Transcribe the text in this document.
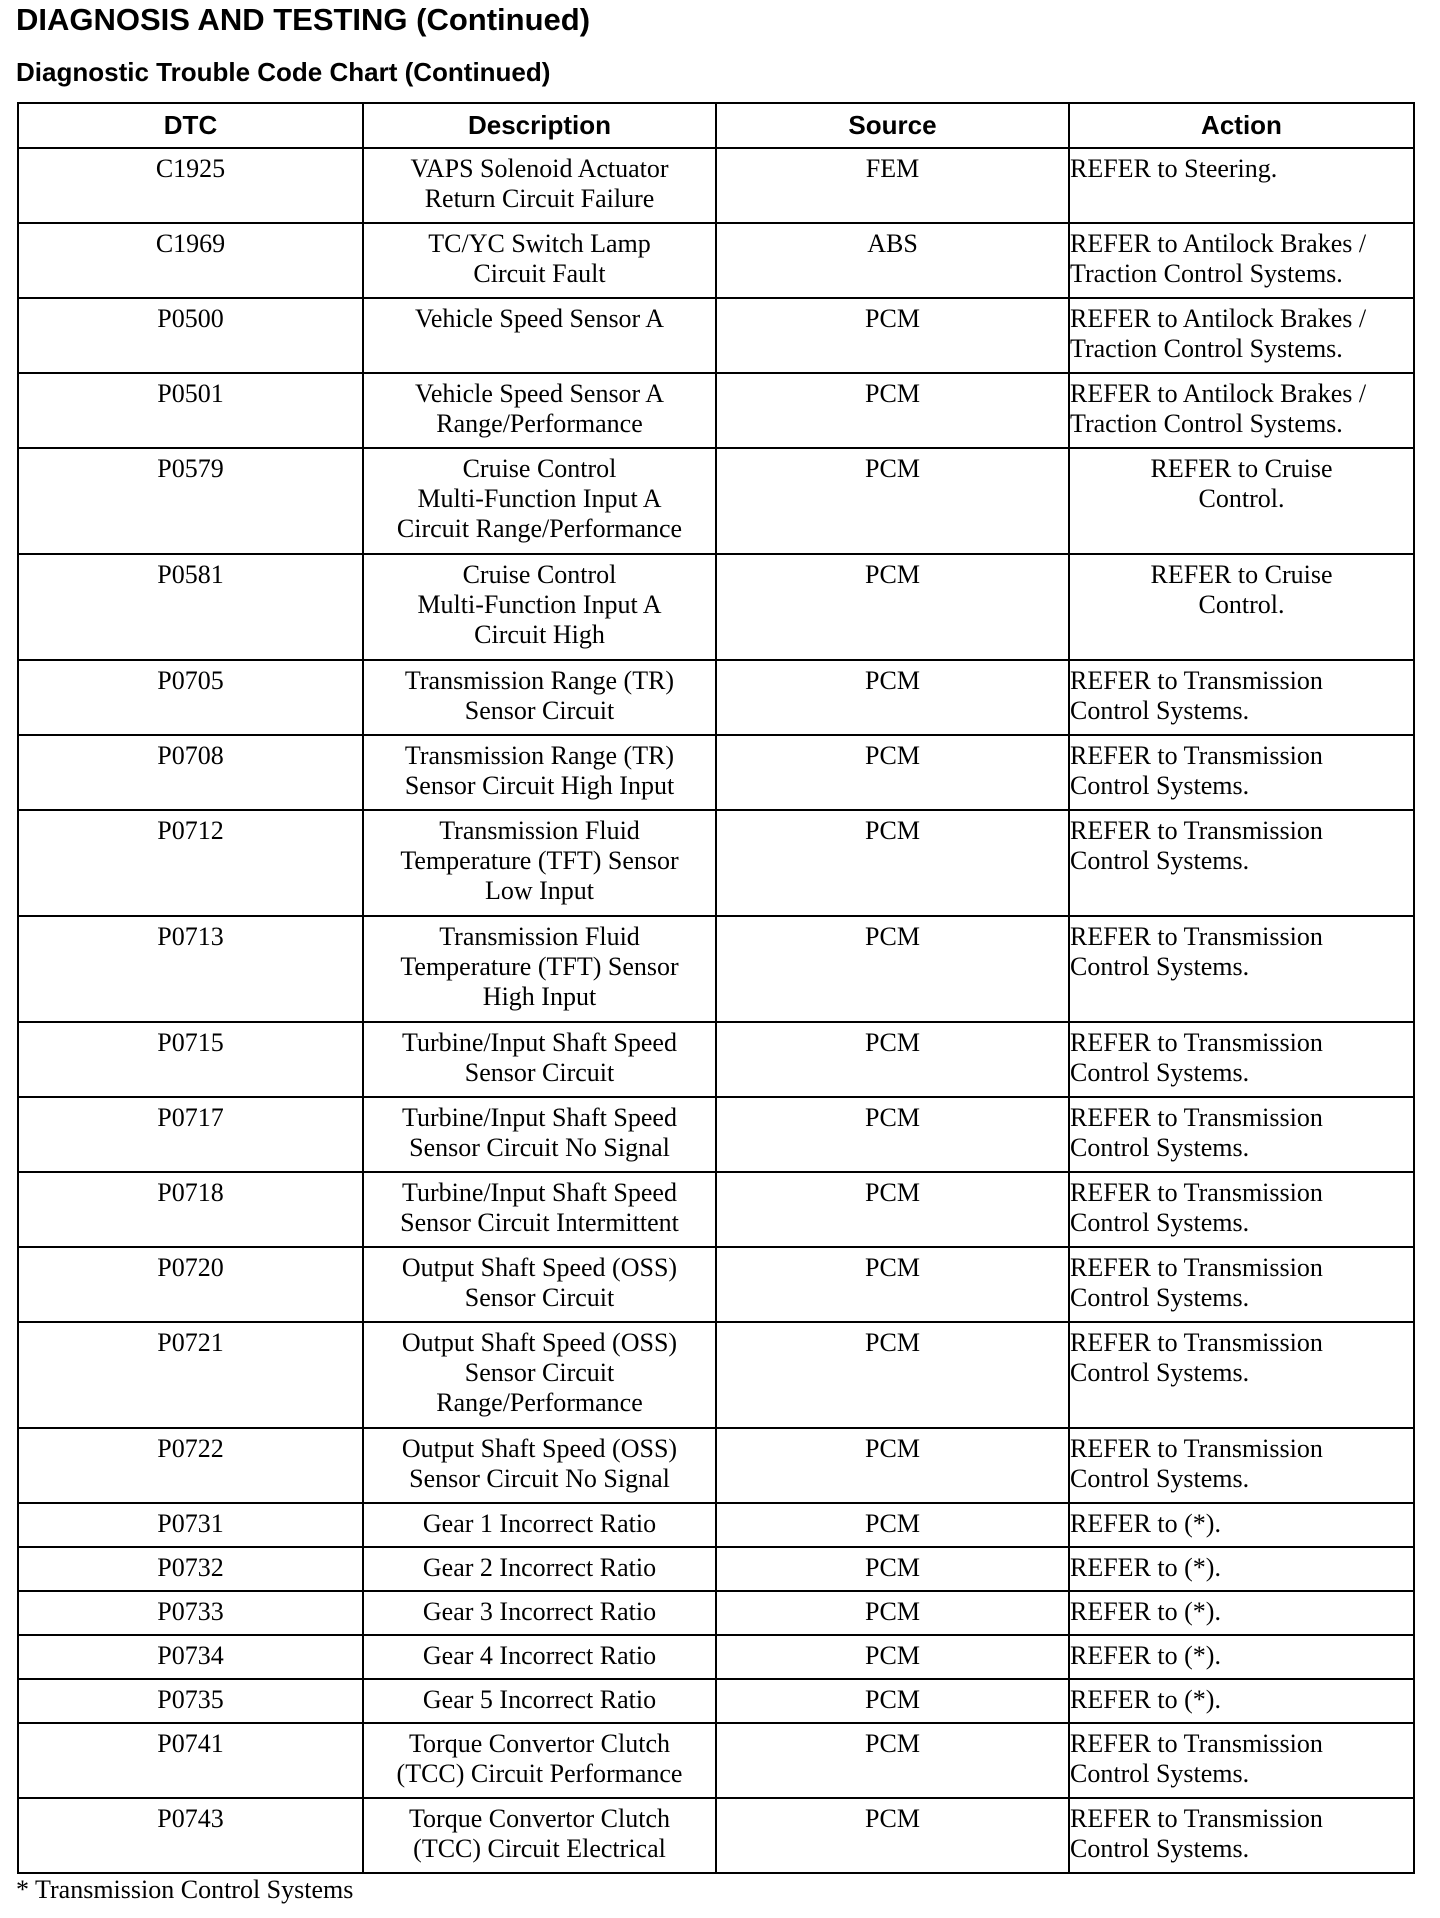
DIAGNOSIS AND TESTING (Continued)
Diagnostic Trouble Code Chart (Continued)
DTC	Description	Source	Action
C1925	VAPS Solenoid Actuator
Return Circuit Failure	FEM	REFER to Steering.

C1969	TC/YC Switch Lamp
Circuit Fault	ABS	REFER to Antilock Brakes /
Traction Control Systems.

P0500	Vehicle Speed Sensor A	PCM	REFER to Antilock Brakes /
Traction Control Systems.

P0501	Vehicle Speed Sensor A
Range/Performance	PCM	REFER to Antilock Brakes /
Traction Control Systems.

P0579	Cruise Control
Multi-Function Input A
Circuit Range/Performance	PCM	REFER to Cruise
Control.

P0581	Cruise Control
Multi-Function Input A
Circuit High	PCM	REFER to Cruise
Control.

P0705	Transmission Range (TR)
Sensor Circuit	PCM	REFER to Transmission
Control Systems.

P0708	Transmission Range (TR)
Sensor Circuit High Input	PCM	REFER to Transmission
Control Systems.

P0712	Transmission Fluid
Temperature (TFT) Sensor
Low Input	PCM	REFER to Transmission
Control Systems.

P0713	Transmission Fluid
Temperature (TFT) Sensor
High Input	PCM	REFER to Transmission
Control Systems.

P0715	Turbine/Input Shaft Speed
Sensor Circuit	PCM	REFER to Transmission
Control Systems.

P0717	Turbine/Input Shaft Speed
Sensor Circuit No Signal	PCM	REFER to Transmission
Control Systems.

P0718	Turbine/Input Shaft Speed
Sensor Circuit Intermittent	PCM	REFER to Transmission
Control Systems.

P0720	Output Shaft Speed (OSS)
Sensor Circuit	PCM	REFER to Transmission
Control Systems.

P0721	Output Shaft Speed (OSS)
Sensor Circuit
Range/Performance	PCM	REFER to Transmission
Control Systems.

P0722	Output Shaft Speed (OSS)
Sensor Circuit No Signal	PCM	REFER to Transmission
Control Systems.

P0731	Gear 1 Incorrect Ratio	PCM	REFER to (*).

P0732	Gear 2 Incorrect Ratio	PCM	REFER to (*).

P0733	Gear 3 Incorrect Ratio	PCM	REFER to (*).

P0734	Gear 4 Incorrect Ratio	PCM	REFER to (*).

P0735	Gear 5 Incorrect Ratio	PCM	REFER to (*).

P0741	Torque Convertor Clutch
(TCC) Circuit Performance	PCM	REFER to Transmission
Control Systems.

P0743	Torque Convertor Clutch
(TCC) Circuit Electrical	PCM	REFER to Transmission
Control Systems.
* Transmission Control Systems
